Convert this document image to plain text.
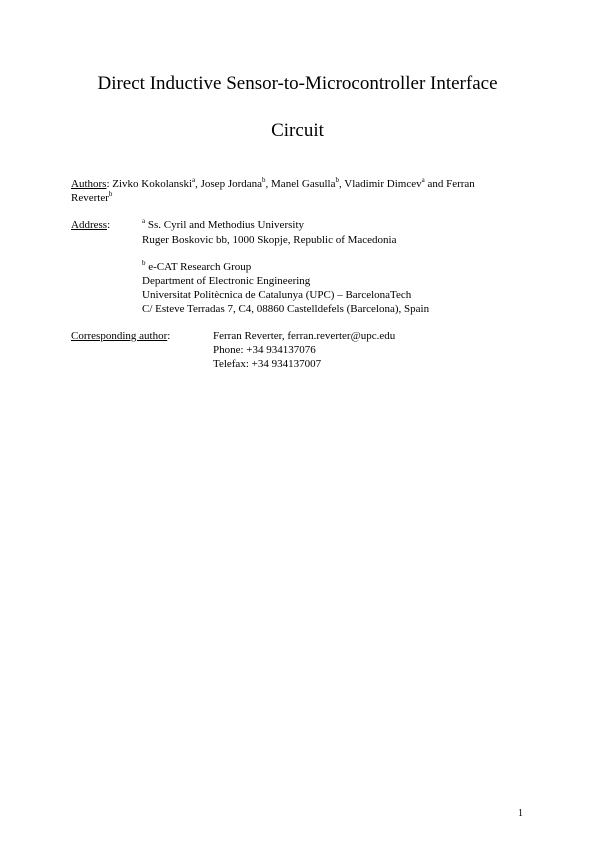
Direct Inductive Sensor-to-Microcontroller Interface
Circuit
Authors: Zivko Kokolanski$^a$, Josep Jordana$^b$, Manel Gasulla$^b$, Vladimir Dimcev$^a$ and Ferran
Reverter$^b$
Address:	$^a$ Ss. Cyril and Methodius University
Ruger Boskovic bb, 1000 Skopje, Republic of Macedonia
$^b$ e-CAT Research Group
Department of Electronic Engineering
Universitat Politècnica de Catalunya (UPC) – BarcelonaTech
C/ Esteve Terradas 7, C4, 08860 Castelldefels (Barcelona), Spain
Corresponding author:	Ferran Reverter, ferran.reverter@upc.edu
Phone: +34 934137076
Telefax: +34 934137007
1
